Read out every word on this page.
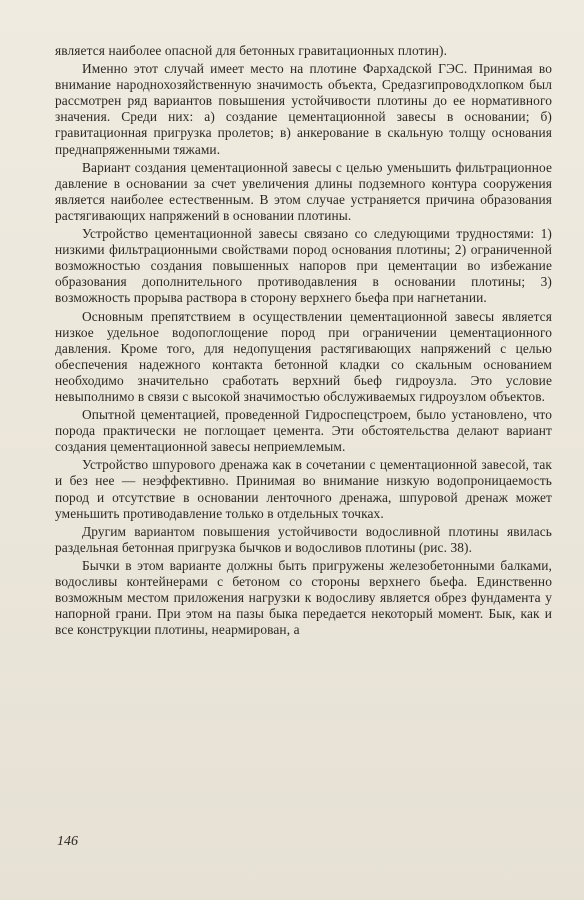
является наиболее опасной для бетонных гравитационных плотин).

Именно этот случай имеет место на плотине Фархадской ГЭС. Принимая во внимание народнохозяйственную значимость объекта, Средазгипроводхлопком был рассмотрен ряд вариантов повышения устойчивости плотины до ее нормативного значения. Среди них: а) создание цементационной завесы в основании; б) гравитационная пригрузка пролетов; в) анкерование в скальную толщу основания преднапряженными тяжами.

Вариант создания цементационной завесы с целью уменьшить фильтрационное давление в основании за счет увеличения длины подземного контура сооружения является наиболее естественным. В этом случае устраняется причина образования растягивающих напряжений в основании плотины.

Устройство цементационной завесы связано со следующими трудностями: 1) низкими фильтрационными свойствами пород основания плотины; 2) ограниченной возможностью создания повышенных напоров при цементации во избежание образования дополнительного противодавления в основании плотины; 3) возможность прорыва раствора в сторону верхнего бьефа при нагнетании.

Основным препятствием в осуществлении цементационной завесы является низкое удельное водопоглощение пород при ограничении цементационного давления. Кроме того, для недопущения растягивающих напряжений с целью обеспечения надежного контакта бетонной кладки со скальным основанием необходимо значительно сработать верхний бьеф гидроузла. Это условие невыполнимо в связи с высокой значимостью обслуживаемых гидроузлом объектов.

Опытной цементацией, проведенной Гидроспецстроем, было установлено, что порода практически не поглощает цемента. Эти обстоятельства делают вариант создания цементационной завесы неприемлемым.

Устройство шпурового дренажа как в сочетании с цементационной завесой, так и без нее — неэффективно. Принимая во внимание низкую водопроницаемость пород и отсутствие в основании ленточного дренажа, шпуровой дренаж может уменьшить противодавление только в отдельных точках.

Другим вариантом повышения устойчивости водосливной плотины явилась раздельная бетонная пригрузка бычков и водосливов плотины (рис. 38).

Бычки в этом варианте должны быть пригружены железобетонными балками, водосливы контейнерами с бетоном со стороны верхнего бьефа. Единственно возможным местом приложения нагрузки к водосливу является обрез фундамента у напорной грани. При этом на пазы быка передается некоторый момент. Бык, как и все конструкции плотины, неармирован, а

146
